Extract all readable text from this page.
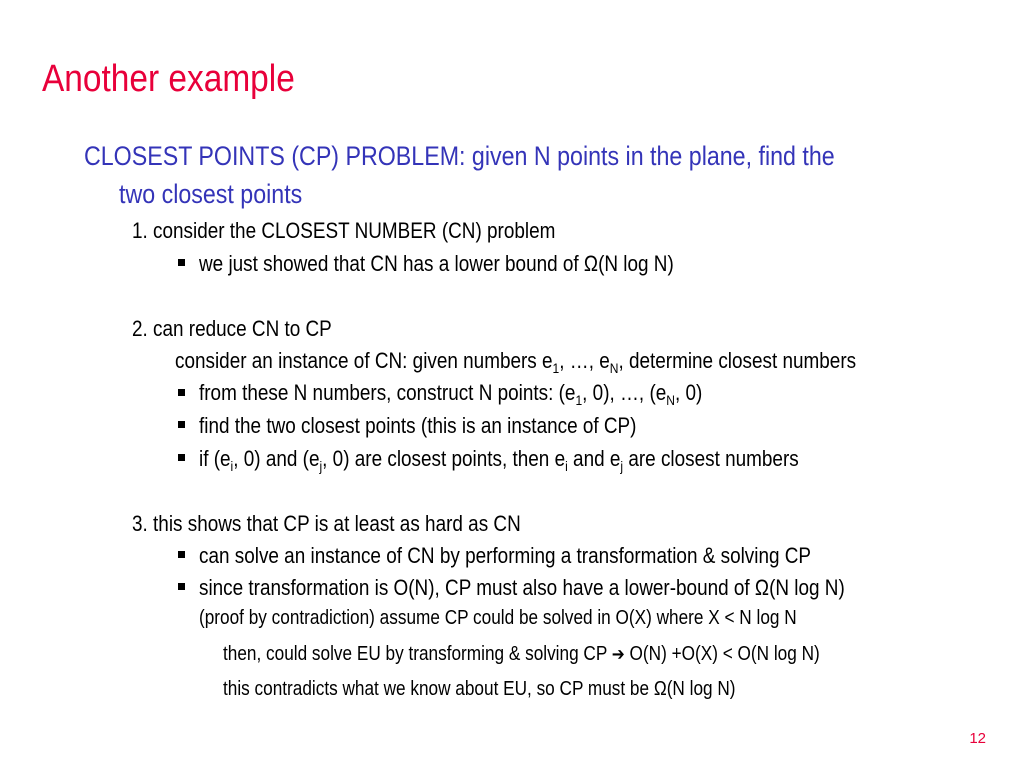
Another example
CLOSEST POINTS (CP) PROBLEM: given N points in the plane, find the
two closest points
1. consider the CLOSEST NUMBER (CN) problem
we just showed that CN has a lower bound of Ω(N log N)
2. can reduce CN to CP
consider an instance of CN: given numbers $e_1$, …, $e_N$, determine closest numbers
from these N numbers, construct N points: ($e_1$, 0), …, ($e_N$, 0)
find the two closest points (this is an instance of CP)
if ($e_i$, 0) and ($e_j$, 0) are closest points, then $e_i$ and $e_j$ are closest numbers
3. this shows that CP is at least as hard as CN
can solve an instance of CN by performing a transformation & solving CP
since transformation is O(N), CP must also have a lower-bound of Ω(N log N)
(proof by contradiction) assume CP could be solved in O(X) where X < N log N
then, could solve EU by transforming & solving CP ➔ O(N) +O(X) < O(N log N)
this contradicts what we know about EU, so CP must be Ω(N log N)
12
